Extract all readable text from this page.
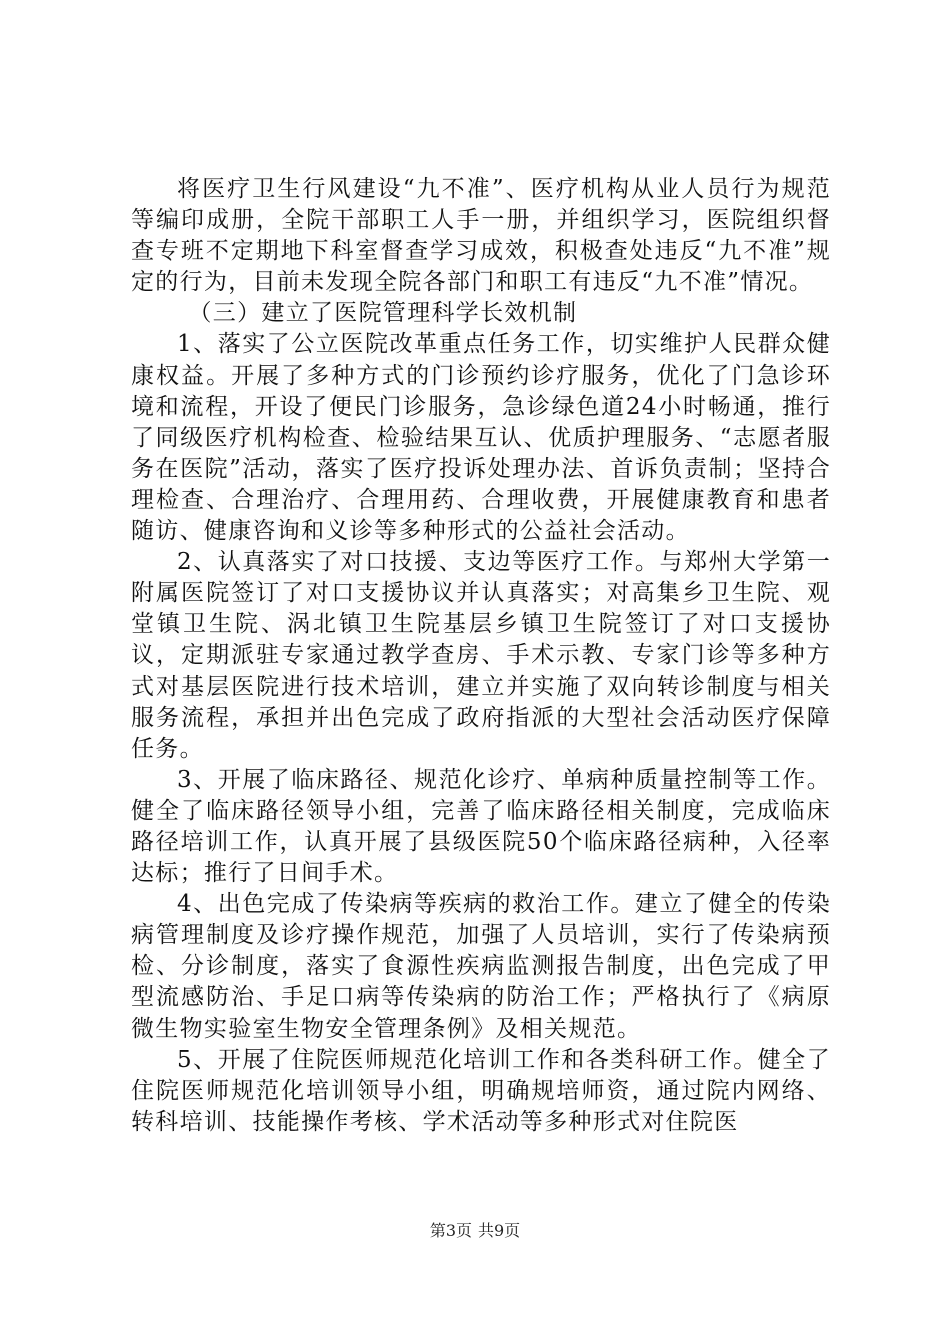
将医疗卫生行风建设“九不准”、医疗机构从业人员行为规范等编印成册，全院干部职工人手一册，并组织学习，医院组织督查专班不定期地下科室督查学习成效，积极查处违反“九不准”规定的行为，目前未发现全院各部门和职工有违反“九不准”情况。

（三）建立了医院管理科学长效机制

1、落实了公立医院改革重点任务工作，切实维护人民群众健康权益。开展了多种方式的门诊预约诊疗服务，优化了门急诊环境和流程，开设了便民门诊服务，急诊绿色道24小时畅通，推行了同级医疗机构检查、检验结果互认、优质护理服务、“志愿者服务在医院”活动，落实了医疗投诉处理办法、首诉负责制；坚持合理检查、合理治疗、合理用药、合理收费，开展健康教育和患者随访、健康咨询和义诊等多种形式的公益社会活动。

2、认真落实了对口技援、支边等医疗工作。与郑州大学第一附属医院签订了对口支援协议并认真落实；对高集乡卫生院、观堂镇卫生院、涡北镇卫生院基层乡镇卫生院签订了对口支援协议，定期派驻专家通过教学查房、手术示教、专家门诊等多种方式对基层医院进行技术培训，建立并实施了双向转诊制度与相关服务流程，承担并出色完成了政府指派的大型社会活动医疗保障任务。

3、开展了临床路径、规范化诊疗、单病种质量控制等工作。健全了临床路径领导小组，完善了临床路径相关制度，完成临床路径培训工作，认真开展了县级医院50个临床路径病种，入径率达标；推行了日间手术。

4、出色完成了传染病等疾病的救治工作。建立了健全的传染病管理制度及诊疗操作规范，加强了人员培训，实行了传染病预检、分诊制度，落实了食源性疾病监测报告制度，出色完成了甲型流感防治、手足口病等传染病的防治工作；严格执行了《病原微生物实验室生物安全管理条例》及相关规范。

5、开展了住院医师规范化培训工作和各类科研工作。健全了住院医师规范化培训领导小组，明确规培师资，通过院内网络、转科培训、技能操作考核、学术活动等多种形式对住院医

第3页 共9页
